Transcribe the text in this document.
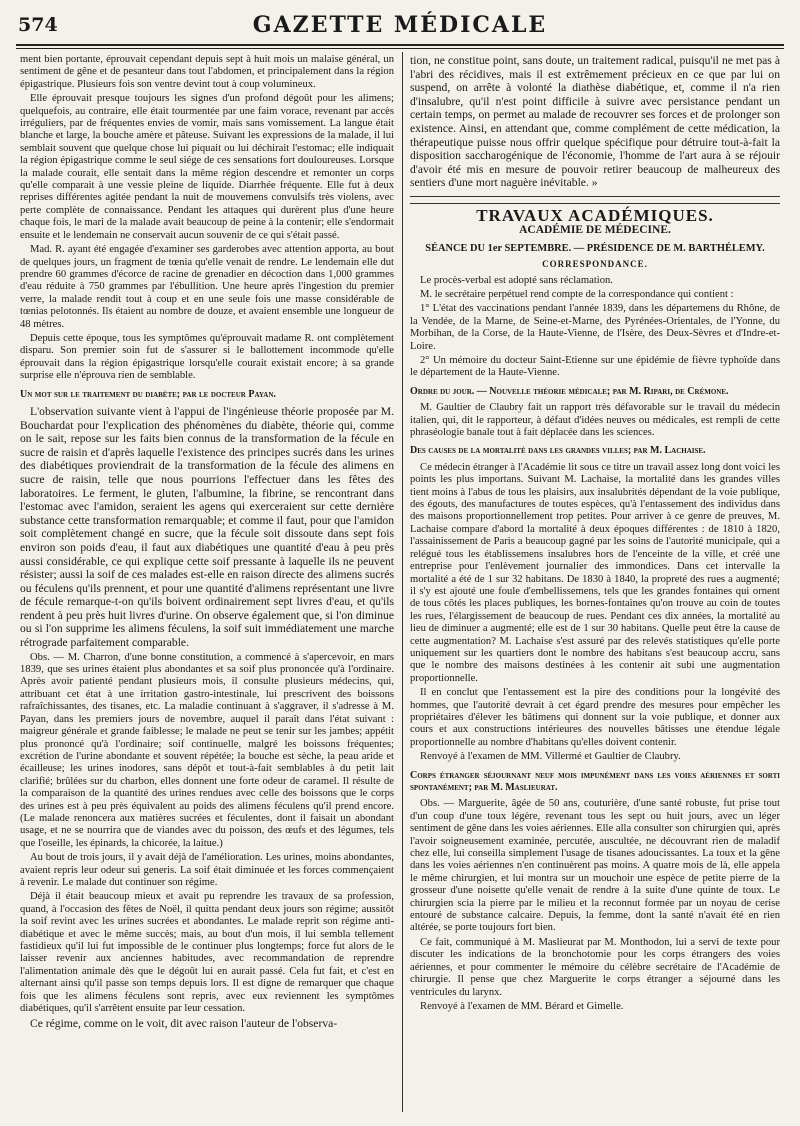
574	GAZETTE MÉDICALE

ment bien portante, éprouvait cependant depuis sept à huit mois un malaise général, un sentiment de gêne et de pesanteur dans tout l'abdomen, et principalement dans la région épigastrique. Plusieurs fois son ventre devint tout à coup volumineux.

Elle éprouvait presque toujours les signes d'un profond dégoût pour les alimens; quelquefois, au contraire, elle était tourmentée par une faim vorace, revenant par accès irréguliers, par de fréquentes envies de vomir, mais sans vomissement. La langue était blanche et large, la bouche amère et pâteuse. Suivant les expressions de la malade, il lui semblait souvent que quelque chose lui piquait ou lui déchirait l'estomac; elle indiquait la région épigastrique comme le seul siége de ces sensations fort douloureuses. Lorsque la malade courait, elle sentait dans la même région descendre et remonter un corps qu'elle comparait à une vessie pleine de liquide. Diarrhée fréquente. Elle fut à deux reprises différentes agitée pendant la nuit de mouvemens convulsifs très violens, avec perte complète de connaissance. Pendant les attaques qui durèrent plus d'une heure chaque fois, le mari de la malade avait beaucoup de peine à la contenir; elle s'endormait ensuite et le lendemain ne conservait aucun souvenir de ce qui s'était passé.

Mad. R. ayant été engagée d'examiner ses garderobes avec attention apporta, au bout de quelques jours, un fragment de tœnia qu'elle venait de rendre. Le lendemain elle dut prendre 60 grammes d'écorce de racine de grenadier en décoction dans 1,000 grammes d'eau réduite à 750 grammes par l'ébullition. Une heure après l'ingestion du premier verre, la malade rendit tout à coup et en une seule fois une masse considérable de tœnias pelotonnés. Ils étaient au nombre de douze, et avaient ensemble une longueur de 48 mètres.

Depuis cette époque, tous les symptômes qu'éprouvait madame R. ont complètement disparu. Son premier soin fut de s'assurer si le ballottement incommode qu'elle éprouvait dans la région épigastrique lorsqu'elle courait existait encore; à sa grande surprise elle n'éprouva rien de semblable.

Un mot sur le traitement du diabète; par le docteur Payan.

L'observation suivante vient à l'appui de l'ingénieuse théorie proposée par M. Bouchardat pour l'explication des phénomènes du diabète, théorie qui, comme on le sait, repose sur les faits bien connus de la transformation de la fécule en sucre de raisin et d'après laquelle l'existence des principes sucrés dans les urines des diabétiques proviendrait de la transformation de la fécule des alimens en sucre de raisin, telle que nous pourrions l'effectuer dans les fêtes des laboratoires. Le ferment, le gluten, l'albumine, la fibrine, se rencontrant dans l'estomac avec l'amidon, seraient les agens qui exerceraient sur cette dernière substance cette transformation remarquable; et comme il faut, pour que l'amidon soit complètement changé en sucre, que la fécule soit dissoute dans sept fois environ son poids d'eau, il faut aux diabétiques une quantité d'eau à peu près aussi considérable, ce qui explique cette soif pressante à laquelle ils ne peuvent résister; aussi la soif de ces malades est-elle en raison directe des alimens sucrés ou féculens qu'ils prennent, et pour une quantité d'alimens représentant une livre de fécule remarque-t-on qu'ils boivent ordinairement sept livres d'eau, et qu'ils rendent à peu près huit livres d'urine. On observe également que, si l'on diminue ou si l'on supprime les alimens féculens, la soif suit immédiatement une marche rétrograde parfaitement comparable.

Obs. — M. Charron, d'une bonne constitution, a commencé à s'apercevoir, en mars 1839, que ses urines étaient plus abondantes et sa soif plus prononcée qu'à l'ordinaire. Après avoir patienté pendant plusieurs mois, il consulte plusieurs médecins, qui, attribuant cet état à une irritation gastro-intestinale, lui prescrivent des boissons rafraîchissantes, des tisanes, etc. La maladie continuant à s'aggraver, il s'adresse à M. Payan, dans les premiers jours de novembre, auquel il paraît dans l'état suivant : maigreur générale et grande faiblesse; le malade ne peut se tenir sur les jambes; appétit plus prononcé qu'à l'ordinaire; soif continuelle, malgré les boissons fréquentes; excrétion de l'urine abondante et souvent répétée; la bouche est sèche, la peau aride et écailleuse; les urines inodores, sans dépôt et tout-à-fait semblables à du petit lait clarifié; brûlées sur du charbon, elles donnent une forte odeur de caramel. Il résulte de la comparaison de la quantité des urines rendues avec celle des boissons que le corps des urines est à peu près équivalent au poids des alimens féculens qu'il prend encore. (Le malade renoncera aux matières sucrées et féculentes, dont il faisait un abondant usage, et ne se nourrira que de viandes avec du poisson, des œufs et des légumes, tels que l'oseille, les épinards, la chicorée, la laitue.)

Au bout de trois jours, il y avait déjà de l'amélioration. Les urines, moins abondantes, avaient repris leur odeur sui generis. La soif était diminuée et les forces commençaient à revenir. Le malade dut continuer son régime.

Déjà il était beaucoup mieux et avait pu reprendre les travaux de sa profession, quand, à l'occasion des fêtes de Noël, il quitta pendant deux jours son régime; aussitôt la soif revint avec les urines sucrées et abondantes. Le malade reprit son régime anti-diabétique et avec le même succès; mais, au bout d'un mois, il lui sembla tellement fastidieux qu'il lui fut impossible de le continuer plus longtemps; force fut alors de le laisser revenir aux anciennes habitudes, avec recommandation de reprendre l'alimentation animale dès que le dégoût lui en aurait passé. Cela fut fait, et c'est en alternant ainsi qu'il passe son temps depuis lors. Il est digne de remarquer que chaque fois que les alimens féculens sont repris, avec eux reviennent les symptômes diabétiques, qu'il s'arrêtent ensuite par leur cessation.

Ce régime, comme on le voit, dit avec raison l'auteur de l'observa-

tion, ne constitue point, sans doute, un traitement radical, puisqu'il ne met pas à l'abri des récidives, mais il est extrêmement précieux en ce que par lui on suspend, on arrête à volonté la diathèse diabétique, et, comme il n'a rien d'insalubre, qu'il n'est point difficile à suivre avec persistance pendant un certain temps, on permet au malade de recouvrer ses forces et de prolonger son existence. Ainsi, en attendant que, comme complément de cette médication, la thérapeutique puisse nous offrir quelque spécifique pour détruire tout-à-fait la disposition saccharogénique de l'économie, l'homme de l'art aura à se réjouir d'avoir été mis en mesure de pouvoir retirer beaucoup de malheureux des sentiers d'une mort naguère inévitable. »

TRAVAUX ACADÉMIQUES.

ACADÉMIE DE MÉDECINE.

SÉANCE DU 1er SEPTEMBRE. — PRÉSIDENCE DE M. BARTHÉLEMY.

CORRESPONDANCE.

Le procès-verbal est adopté sans réclamation.

M. le secrétaire perpétuel rend compte de la correspondance qui contient :

1° L'état des vaccinations pendant l'année 1839, dans les départemens du Rhône, de la Vendée, de la Marne, de Seine-et-Marne, des Pyrénées-Orientales, de l'Yonne, du Morbihan, de la Corse, de la Haute-Vienne, de l'Isère, des Deux-Sèvres et d'Indre-et-Loire.

2° Un mémoire du docteur Saint-Etienne sur une épidémie de fièvre typhoïde dans le département de la Haute-Vienne.

Ordre du jour. — Nouvelle théorie médicale; par M. Ripari, de Crémone.

M. Gaultier de Claubry fait un rapport très défavorable sur le travail du médecin italien, qui, dit le rapporteur, à défaut d'idées neuves ou médicales, est rempli de cette phraséologie banale tout à fait déplacée dans les sciences.

Des causes de la mortalité dans les grandes villes; par M. Lachaise.

Ce médecin étranger à l'Académie lit sous ce titre un travail assez long dont voici les points les plus importans. Suivant M. Lachaise, la mortalité dans les grandes villes tient moins à l'abus de tous les plaisirs, aux insalubrités dépendant de la voie publique, des égouts, des manufactures de toutes espèces, qu'à l'entassement des individus dans des maisons proportionnellement trop petites. Pour arriver à ce genre de preuves, M. Lachaise compare d'abord la mortalité à deux époques différentes : de 1810 à 1820, l'assainissement de Paris a beaucoup gagné par les soins de l'autorité municipale, qui a relégué tous les établissemens insalubres hors de l'enceinte de la ville, et créé une entreprise pour l'enlèvement journalier des immondices. Dans cet intervalle la mortalité a été de 1 sur 32 habitans. De 1830 à 1840, la propreté des rues a augmenté; il s'y est ajouté une foule d'embellissemens, tels que les grandes fontaines qui ornent de tous côtés les places publiques, les bornes-fontaines qu'on trouve au coin de toutes les rues, l'élargissement de beaucoup de rues. Pendant ces dix années, la mortalité au lieu de diminuer a augmenté; elle est de 1 sur 30 habitans. Quelle peut être la cause de cette augmentation? M. Lachaise s'est assuré par des relevés statistiques qu'elle porte uniquement sur les quartiers dont le nombre des habitans s'est beaucoup accru, sans que le nombre des maisons destinées à les contenir ait subi une augmentation proportionnelle.

Il en conclut que l'entassement est la pire des conditions pour la longévité des hommes, que l'autorité devrait à cet égard prendre des mesures pour empêcher les propriétaires d'élever les bâtimens qui donnent sur la voie publique, et donner aux cours et aux constructions intérieures des nouvelles bâtisses une étendue légale proportionnelle au nombre d'habitans qu'elles doivent contenir.

Renvoyé à l'examen de MM. Villermé et Gaultier de Claubry.

Corps étranger séjournant neuf mois impunément dans les voies aériennes et sorti spontanément; par M. Maslieurat.

Obs. — Marguerite, âgée de 50 ans, couturière, d'une santé robuste, fut prise tout d'un coup d'une toux légère, revenant tous les sept ou huit jours, avec un léger sentiment de gêne dans les voies aériennes. Elle alla consulter son chirurgien qui, après l'avoir soigneusement examinée, percutée, auscultée, ne découvrant rien de maladif chez elle, lui conseilla simplement l'usage de tisanes adoucissantes. La toux et la gêne dans les voies aériennes n'en continuèrent pas moins. A quatre mois de là, elle appela le même chirurgien, et lui montra sur un mouchoir une espèce de petite pierre de la grosseur d'une noisette qu'elle venait de rendre à la suite d'une quinte de toux. Le chirurgien scia la pierre par le milieu et la reconnut formée par un noyau de cerise entouré de substance calcaire. Depuis, la femme, dont la santé n'avait été en rien altérée, se porte toujours fort bien.

Ce fait, communiqué à M. Maslieurat par M. Monthodon, lui a servi de texte pour discuter les indications de la bronchotomie pour les corps étrangers des voies aériennes, et pour commenter le mémoire du célèbre secrétaire de l'Académie de chirurgie. Il pense que chez Marguerite le corps étranger a séjourné dans les ventricules du larynx.

Renvoyé à l'examen de MM. Bérard et Gimelle.
